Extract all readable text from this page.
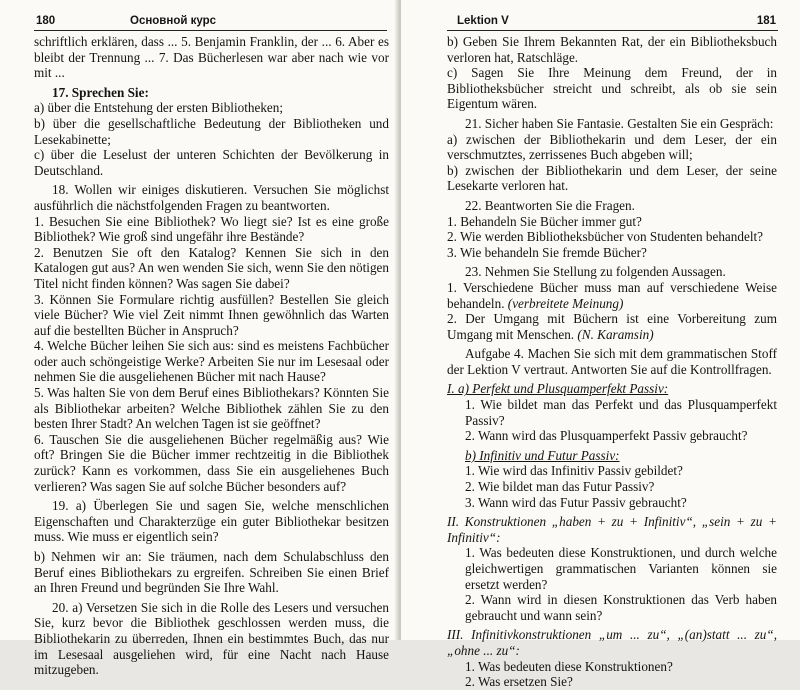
180	Основной курс

schriftlich erklären, dass ... 5. Benjamin Franklin, der ... 6. Aber es bleibt der Trennung ... 7. Das Bücherlesen war aber nach wie vor mit ...

17. Sprechen Sie:

a) über die Entstehung der ersten Bibliotheken;

b) über die gesellschaftliche Bedeutung der Bibliotheken und Lesekabinette;

c) über die Leselust der unteren Schichten der Bevölkerung in Deutschland.

18. Wollen wir einiges diskutieren. Versuchen Sie möglichst ausführlich die nächstfolgenden Fragen zu beantworten.

1. Besuchen Sie eine Bibliothek? Wo liegt sie? Ist es eine große Bibliothek? Wie groß sind ungefähr ihre Bestände?

2. Benutzen Sie oft den Katalog? Kennen Sie sich in den Katalogen gut aus? An wen wenden Sie sich, wenn Sie den nötigen Titel nicht finden können? Was sagen Sie dabei?

3. Können Sie Formulare richtig ausfüllen? Bestellen Sie gleich viele Bücher? Wie viel Zeit nimmt Ihnen gewöhnlich das Warten auf die bestellten Bücher in Anspruch?

4. Welche Bücher leihen Sie sich aus: sind es meistens Fachbücher oder auch schöngeistige Werke? Arbeiten Sie nur im Lesesaal oder nehmen Sie die ausgeliehenen Bücher mit nach Hause?

5. Was halten Sie von dem Beruf eines Bibliothekars? Könnten Sie als Bibliothekar arbeiten? Welche Bibliothek zählen Sie zu den besten Ihrer Stadt? An welchen Tagen ist sie geöffnet?

6. Tauschen Sie die ausgeliehenen Bücher regelmäßig aus? Wie oft? Bringen Sie die Bücher immer rechtzeitig in die Bibliothek zurück? Kann es vorkommen, dass Sie ein ausgeliehenes Buch verlieren? Was sagen Sie auf solche Bücher besonders auf?

19. a) Überlegen Sie und sagen Sie, welche menschlichen Eigenschaften und Charakterzüge ein guter Bibliothekar besitzen muss. Wie muss er eigentlich sein?

b) Nehmen wir an: Sie träumen, nach dem Schulabschluss den Beruf eines Bibliothekars zu ergreifen. Schreiben Sie einen Brief an Ihren Freund und begründen Sie Ihre Wahl.

20. a) Versetzen Sie sich in die Rolle des Lesers und versuchen Sie, kurz bevor die Bibliothek geschlossen werden muss, die Bibliothekarin zu überreden, Ihnen ein bestimmtes Buch, das nur im Lesesaal ausgeliehen wird, für eine Nacht nach Hause mitzugeben.

Lektion V	181

b) Geben Sie Ihrem Bekannten Rat, der ein Bibliotheksbuch verloren hat, Ratschläge.

c) Sagen Sie Ihre Meinung dem Freund, der in Bibliotheksbücher streicht und schreibt, als ob sie sein Eigentum wären.

21. Sicher haben Sie Fantasie. Gestalten Sie ein Gespräch:

a) zwischen der Bibliothekarin und dem Leser, der ein verschmutztes, zerrissenes Buch abgeben will;

b) zwischen der Bibliothekarin und dem Leser, der seine Lesekarte verloren hat.

22. Beantworten Sie die Fragen.

1. Behandeln Sie Bücher immer gut?

2. Wie werden Bibliotheksbücher von Studenten behandelt?

3. Wie behandeln Sie fremde Bücher?

23. Nehmen Sie Stellung zu folgenden Aussagen.

1. Verschiedene Bücher muss man auf verschiedene Weise behandeln. (verbreitete Meinung)

2. Der Umgang mit Büchern ist eine Vorbereitung zum Umgang mit Menschen. (N. Karamsin)

Aufgabe 4. Machen Sie sich mit dem grammatischen Stoff der Lektion V vertraut. Antworten Sie auf die Kontrollfragen.

I. a) Perfekt und Plusquamperfekt Passiv:

1. Wie bildet man das Perfekt und das Plusquamperfekt Passiv?

2. Wann wird das Plusquamperfekt Passiv gebraucht?

b) Infinitiv und Futur Passiv:

1. Wie wird das Infinitiv Passiv gebildet?

2. Wie bildet man das Futur Passiv?

3. Wann wird das Futur Passiv gebraucht?

II. Konstruktionen „haben + zu + Infinitiv“, „sein + zu + Infinitiv“:

1. Was bedeuten diese Konstruktionen, und durch welche gleichwertigen grammatischen Varianten können sie ersetzt werden?

2. Wann wird in diesen Konstruktionen das Verb haben gebraucht und wann sein?

III. Infinitivkonstruktionen „um ... zu“, „(an)statt ... zu“, „ohne ... zu“:

1. Was bedeuten diese Konstruktionen?

2. Was ersetzen Sie?
